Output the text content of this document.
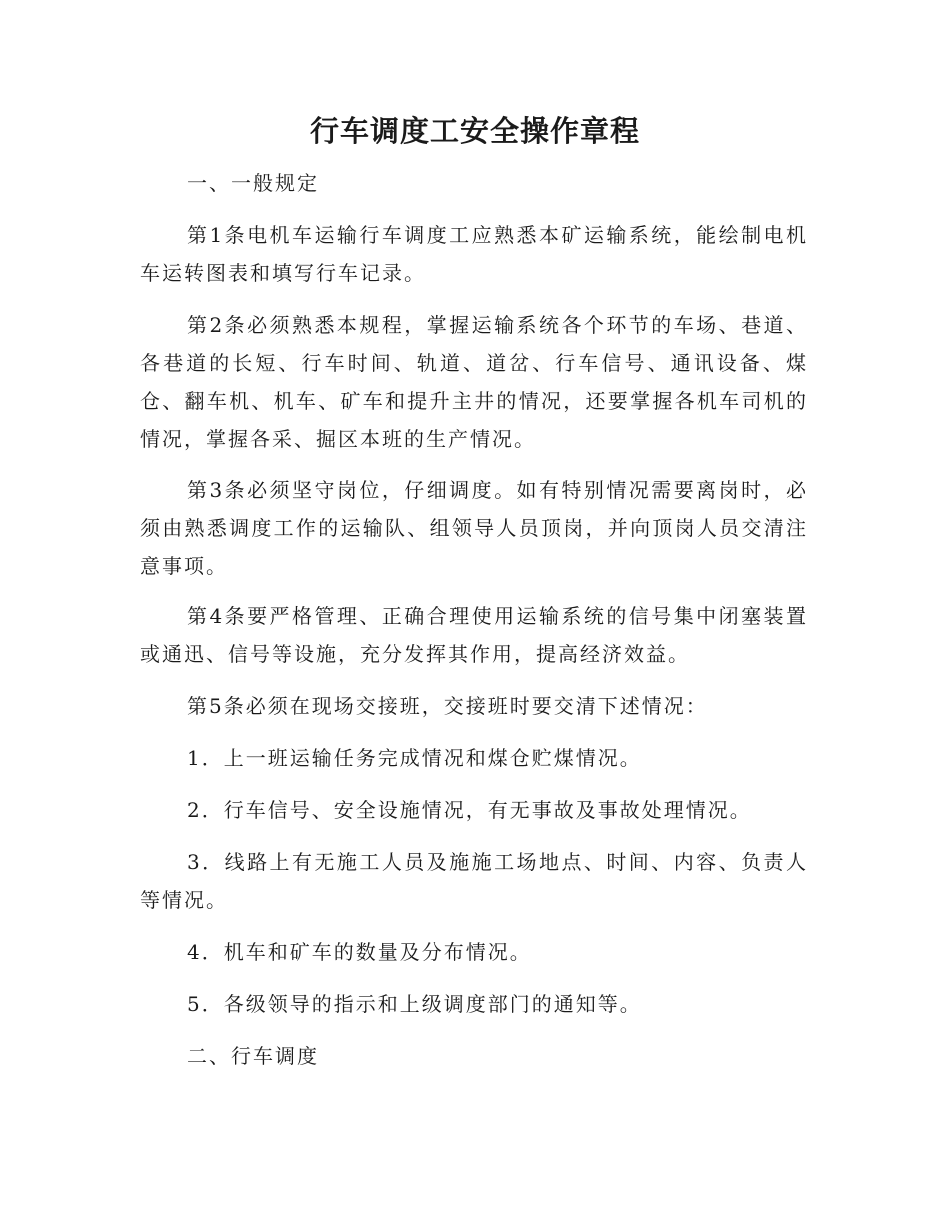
行车调度工安全操作章程

一、一般规定

第1条电机车运输行车调度工应熟悉本矿运输系统，能绘制电机车运转图表和填写行车记录。

第2条必须熟悉本规程，掌握运输系统各个环节的车场、巷道、各巷道的长短、行车时间、轨道、道岔、行车信号、通讯设备、煤仓、翻车机、机车、矿车和提升主井的情况，还要掌握各机车司机的情况，掌握各采、掘区本班的生产情况。

第3条必须坚守岗位，仔细调度。如有特别情况需要离岗时，必须由熟悉调度工作的运输队、组领导人员顶岗，并向顶岗人员交清注意事项。

第4条要严格管理、正确合理使用运输系统的信号集中闭塞装置或通迅、信号等设施，充分发挥其作用，提高经济效益。

第5条必须在现场交接班，交接班时要交清下述情况：

1．上一班运输任务完成情况和煤仓贮煤情况。

2．行车信号、安全设施情况，有无事故及事故处理情况。

3．线路上有无施工人员及施施工场地点、时间、内容、负责人等情况。

4．机车和矿车的数量及分布情况。

5．各级领导的指示和上级调度部门的通知等。

二、行车调度
